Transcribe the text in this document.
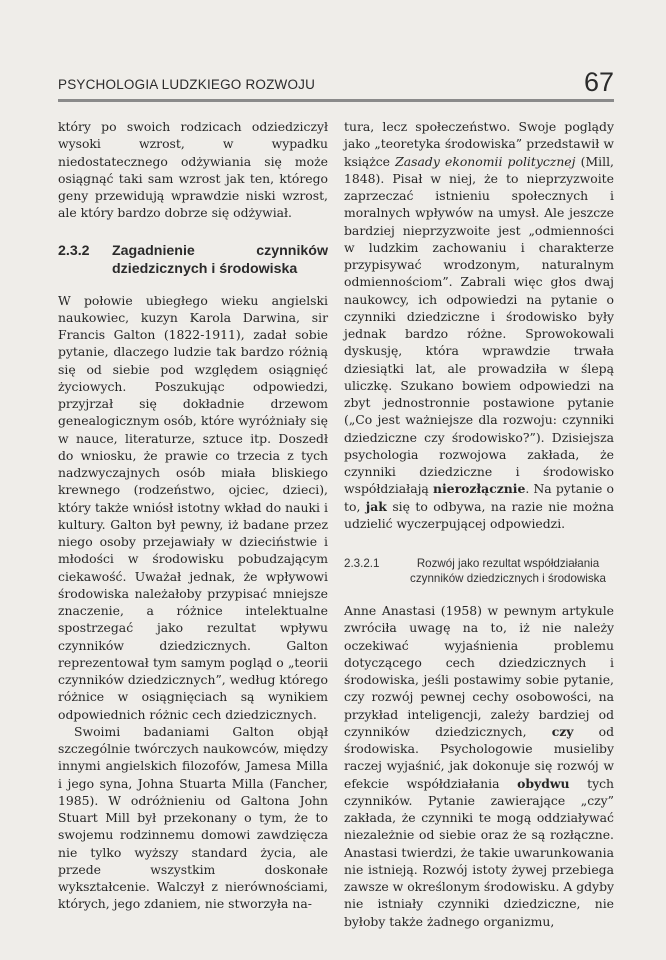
PSYCHOLOGIA LUDZKIEGO ROZWOJU	67

który po swoich rodzicach odziedziczył wysoki wzrost, w wypadku niedostatecznego odżywiania się może osiągnąć taki sam wzrost jak ten, którego geny przewidują wprawdzie niski wzrost, ale który bardzo dobrze się odżywiał.

2.3.2	Zagadnienie czynników dziedzicznych i środowiska

W połowie ubiegłego wieku angielski naukowiec, kuzyn Karola Darwina, sir Francis Galton (1822-1911), zadał sobie pytanie, dlaczego ludzie tak bardzo różnią się od siebie pod względem osiągnięć życiowych. Poszukując odpowiedzi, przyjrzał się dokładnie drzewom genealogicznym osób, które wyróżniały się w nauce, literaturze, sztuce itp. Doszedł do wniosku, że prawie co trzecia z tych nadzwyczajnych osób miała bliskiego krewnego (rodzeństwo, ojciec, dzieci), który także wniósł istotny wkład do nauki i kultury. Galton był pewny, iż badane przez niego osoby przejawiały w dzieciństwie i młodości w środowisku pobudzającym ciekawość. Uważał jednak, że wpływowi środowiska należałoby przypisać mniejsze znaczenie, a różnice intelektualne spostrzegać jako rezultat wpływu czynników dziedzicznych. Galton reprezentował tym samym pogląd o „teorii czynników dziedzicznych”, według którego różnice w osiągnięciach są wynikiem odpowiednich różnic cech dziedzicznych.

Swoimi badaniami Galton objął szczególnie twórczych naukowców, między innymi angielskich filozofów, Jamesa Milla i jego syna, Johna Stuarta Milla (Fancher, 1985). W odróżnieniu od Galtona John Stuart Mill był przekonany o tym, że to swojemu rodzinnemu domowi zawdzięcza nie tylko wyższy standard życia, ale przede wszystkim doskonałe wykształcenie. Walczył z nierównościami, których, jego zdaniem, nie stworzyła na-

tura, lecz społeczeństwo. Swoje poglądy jako „teoretyka środowiska” przedstawił w książce Zasady ekonomii politycznej (Mill, 1848). Pisał w niej, że to nieprzyzwoite zaprzeczać istnieniu społecznych i moralnych wpływów na umysł. Ale jeszcze bardziej nieprzyzwoite jest „odmienności w ludzkim zachowaniu i charakterze przypisywać wrodzonym, naturalnym odmiennościom”. Zabrali więc głos dwaj naukowcy, ich odpowiedzi na pytanie o czynniki dziedziczne i środowisko były jednak bardzo różne. Sprowokowali dyskusję, która wprawdzie trwała dziesiątki lat, ale prowadziła w ślepą uliczkę. Szukano bowiem odpowiedzi na zbyt jednostronnie postawione pytanie („Co jest ważniejsze dla rozwoju: czynniki dziedziczne czy środowisko?”). Dzisiejsza psychologia rozwojowa zakłada, że czynniki dziedziczne i środowisko współdziałają nierozłącznie. Na pytanie o to, jak się to odbywa, na razie nie można udzielić wyczerpującej odpowiedzi.

2.3.2.1	Rozwój jako rezultat współdziałania czynników dziedzicznych i środowiska

Anne Anastasi (1958) w pewnym artykule zwróciła uwagę na to, iż nie należy oczekiwać wyjaśnienia problemu dotyczącego cech dziedzicznych i środowiska, jeśli postawimy sobie pytanie, czy rozwój pewnej cechy osobowości, na przykład inteligencji, zależy bardziej od czynników dziedzicznych, czy od środowiska. Psychologowie musieliby raczej wyjaśnić, jak dokonuje się rozwój w efekcie współdziałania obydwu tych czynników. Pytanie zawierające „czy” zakłada, że czynniki te mogą oddziaływać niezależnie od siebie oraz że są rozłączne. Anastasi twierdzi, że takie uwarunkowania nie istnieją. Rozwój istoty żywej przebiega zawsze w określonym środowisku. A gdyby nie istniały czynniki dziedziczne, nie byłoby także żadnego organizmu,
